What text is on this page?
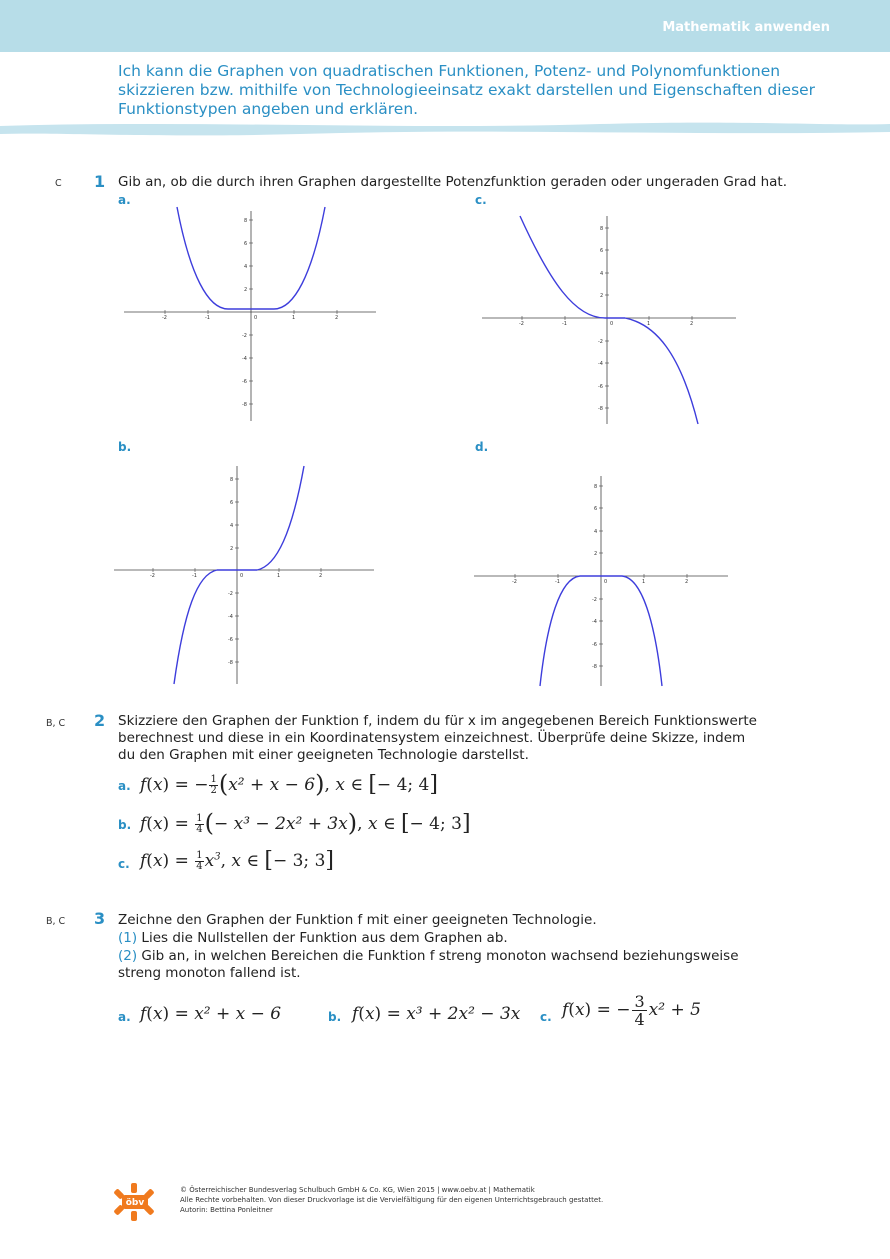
Mathematik anwenden
Ich kann die Graphen von quadratischen Funktionen, Potenz- und Polynomfunktionen skizzieren bzw. mithilfe von Technologieeinsatz exakt darstellen und Eigenschaften dieser Funktionstypen angeben und erklären.
C 1 Gib an, ob die durch ihren Graphen dargestellte Potenzfunktion geraden oder ungeraden Grad hat.
a.	c.
b.	d.
-2	-1	0	1	2
8
6
4
2
-2
-4
-6
-8
-2	-1	0	1	2
8
6
4
2
-2
-4
-6
-8
-2	-1	0	1	2
8
6
4
2
-2
-4
-6
-8
-2	-1	0	1	2
8
6
4
2
-2
-4
-6
-8
B, C 2 Skizziere den Graphen der Funktion f, indem du für x im angegebenen Bereich Funktionswerte berechnest und diese in ein Koordinatensystem einzeichnest. Überprüfe deine Skizze, indem du den Graphen mit einer geeigneten Technologie darstellst.
a. f(x) = − $\frac{1}{2} (x^2 + x - 6)$, x ∈ [− 4; 4]
b. $f(x) = \frac{1}{4}$ (− x³ − 2x² + 3x), x ∈ [− 4; 3]
c. $f(x) = \frac{1}{4} x^3$, x ∈ [− 3; 3]
B, C 3 Zeichne den Graphen der Funktion f mit einer geeigneten Technologie.
(1) Lies die Nullstellen der Funktion aus dem Graphen ab.
(2) Gib an, in welchen Bereichen die Funktion f streng monoton wachsend beziehungsweise streng monoton fallend ist.
a. f(x) = x² + x − 6	b. f(x) = x³ + 2x² − 3x c. f(x) = − $\frac{3}{4} x^2 + 5$
öbv
© Österreichischer Bundesverlag Schulbuch GmbH & Co. KG, Wien 2015 | www.oebv.at | Mathematik
Alle Rechte vorbehalten. Von dieser Druckvorlage ist die Vervielfältigung für den eigenen Unterrichtsgebrauch gestattet.
Autorin: Bettina Ponleitner
